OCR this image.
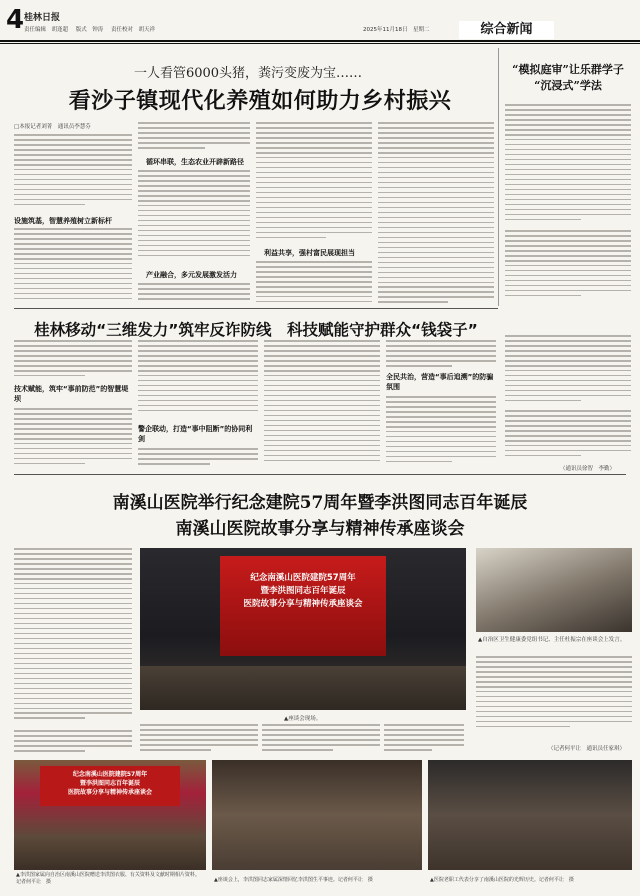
4 桂林日报
责任编辑　胡逢超 版式　钟涛 责任校对　胡天祥	2025年11月18日　星期二	综合新闻
一人看管6000头猪，粪污变废为宝……
看沙子镇现代化养殖如何助力乡村振兴
□本报记者刘菁　通讯员李慧芬
设施筑基，智慧养殖树立新标杆
循环串联，生态农业开辟新路径
产业融合，多元发展激发活力
利益共享，强村富民展现担当
“模拟庭审”让乐群学子
“沉浸式”学法
桂林移动“三维发力”筑牢反诈防线　科技赋能守护群众“钱袋子”
技术赋能，筑牢“事前防范”的智慧堤坝
警企联动，打造“事中阻断”的协同利剑
全民共治，营造“事后追溯”的防骗氛围
（通讯员徐智　李勤）
南溪山医院举行纪念建院57周年暨李洪图同志百年诞辰
南溪山医院故事分享与精神传承座谈会
纪念南溪山医院建院57周年
暨李洪图同志百年诞辰
医院故事分享与精神传承座谈会
▲座谈会现场。
▲自治区卫生健康委党组书记、主任杜振宗在座谈会上发言。
（记者何平让　通讯员任家琪）
纪念南溪山医院建院57周年
暨李洪图同志百年诞辰
医院故事分享与精神传承座谈会
▲李洪图家属向自治区南溪山医院赠送李洪图衣服、有关资料及文献时期相片资料。记者何平让　摄	▲座谈会上，李洪图同志家属深情回忆李洪图生平事迹。记者何平让　摄	▲医院老职工代表分享了南溪山医院的光辉历史。记者何平让　摄
